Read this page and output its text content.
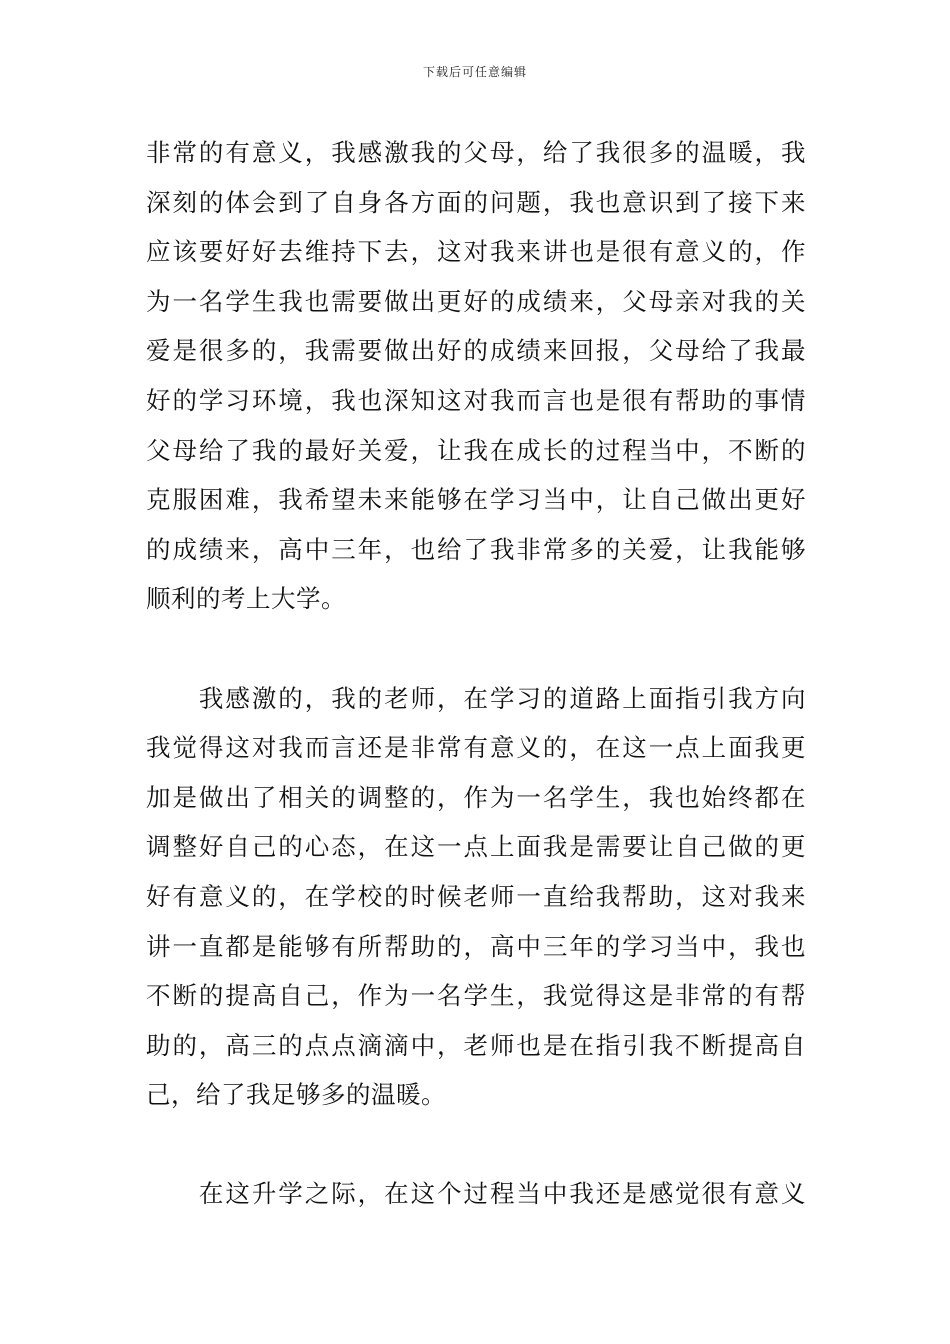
下载后可任意编辑
非常的有意义，我感激我的父母，给了我很多的温暖，我
深刻的体会到了自身各方面的问题，我也意识到了接下来
应该要好好去维持下去，这对我来讲也是很有意义的，作
为一名学生我也需要做出更好的成绩来，父母亲对我的关
爱是很多的，我需要做出好的成绩来回报，父母给了我最
好的学习环境，我也深知这对我而言也是很有帮助的事情
父母给了我的最好关爱，让我在成长的过程当中，不断的
克服困难，我希望未来能够在学习当中，让自己做出更好
的成绩来，高中三年，也给了我非常多的关爱，让我能够
顺利的考上大学。
　　我感激的，我的老师，在学习的道路上面指引我方向
我觉得这对我而言还是非常有意义的，在这一点上面我更
加是做出了相关的调整的，作为一名学生，我也始终都在
调整好自己的心态，在这一点上面我是需要让自己做的更
好有意义的，在学校的时候老师一直给我帮助，这对我来
讲一直都是能够有所帮助的，高中三年的学习当中，我也
不断的提高自己，作为一名学生，我觉得这是非常的有帮
助的，高三的点点滴滴中，老师也是在指引我不断提高自
己，给了我足够多的温暖。
　　在这升学之际，在这个过程当中我还是感觉很有意义
